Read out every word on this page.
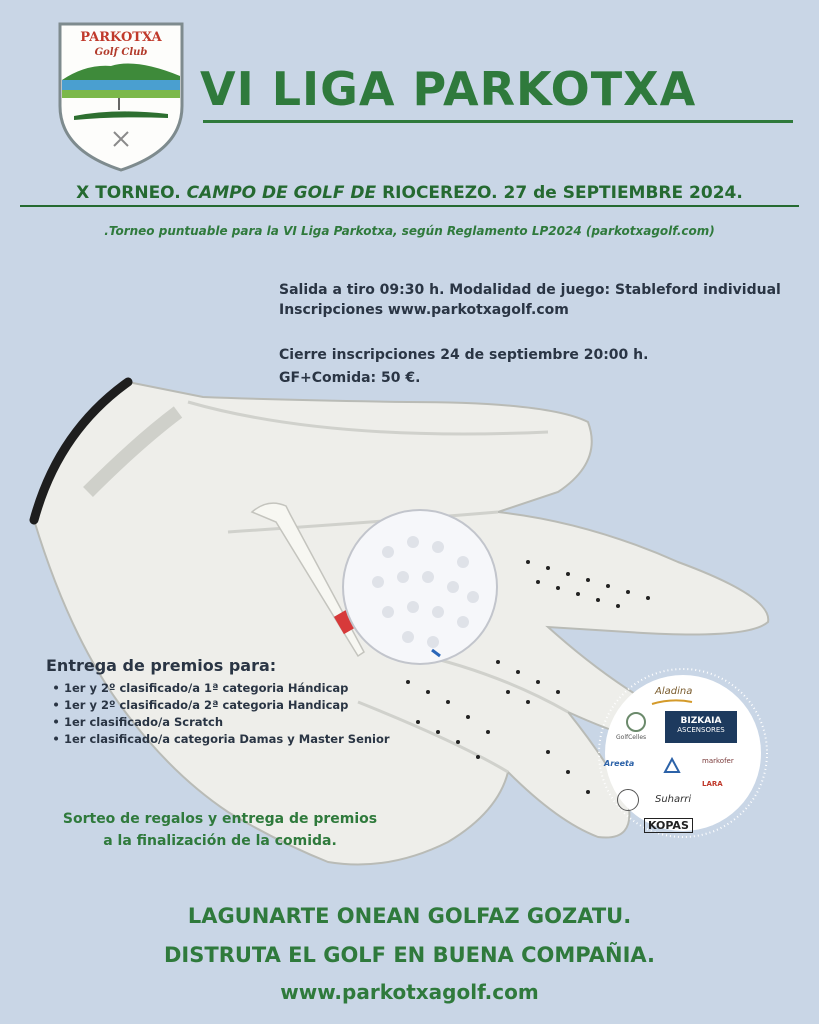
PARKOTXA
Golf Club
VI LIGA PARKOTXA
X TORNEO. CAMPO DE GOLF DE RIOCEREZO. 27 de SEPTIEMBRE 2024.
.Torneo puntuable para la VI Liga Parkotxa, según Reglamento LP2024 (parkotxagolf.com)
Salida a tiro 09:30 h. Modalidad de juego: Stableford individual
Inscripciones www.parkotxagolf.com
Cierre inscripciones 24 de septiembre 20:00 h.
GF+Comida: 50 €.
Entrega de premios para:
• 1er y 2º clasificado/a 1ª categoria Hándicap
• 1er y 2º clasificado/a 2ª categoria Handicap
• 1er clasificado/a Scratch
• 1er clasificado/a categoria Damas y Master Senior
Sorteo de regalos y entrega de premios
a la finalización de la comida.
Aladina
GolfCelles
BIZKAIA
ASCENSORES
Areeta	markofer
LARA
Suharri
KOPAS
LAGUNARTE ONEAN GOLFAZ GOZATU.
DISTRUTA EL GOLF EN BUENA COMPAÑIA.
www.parkotxagolf.com
